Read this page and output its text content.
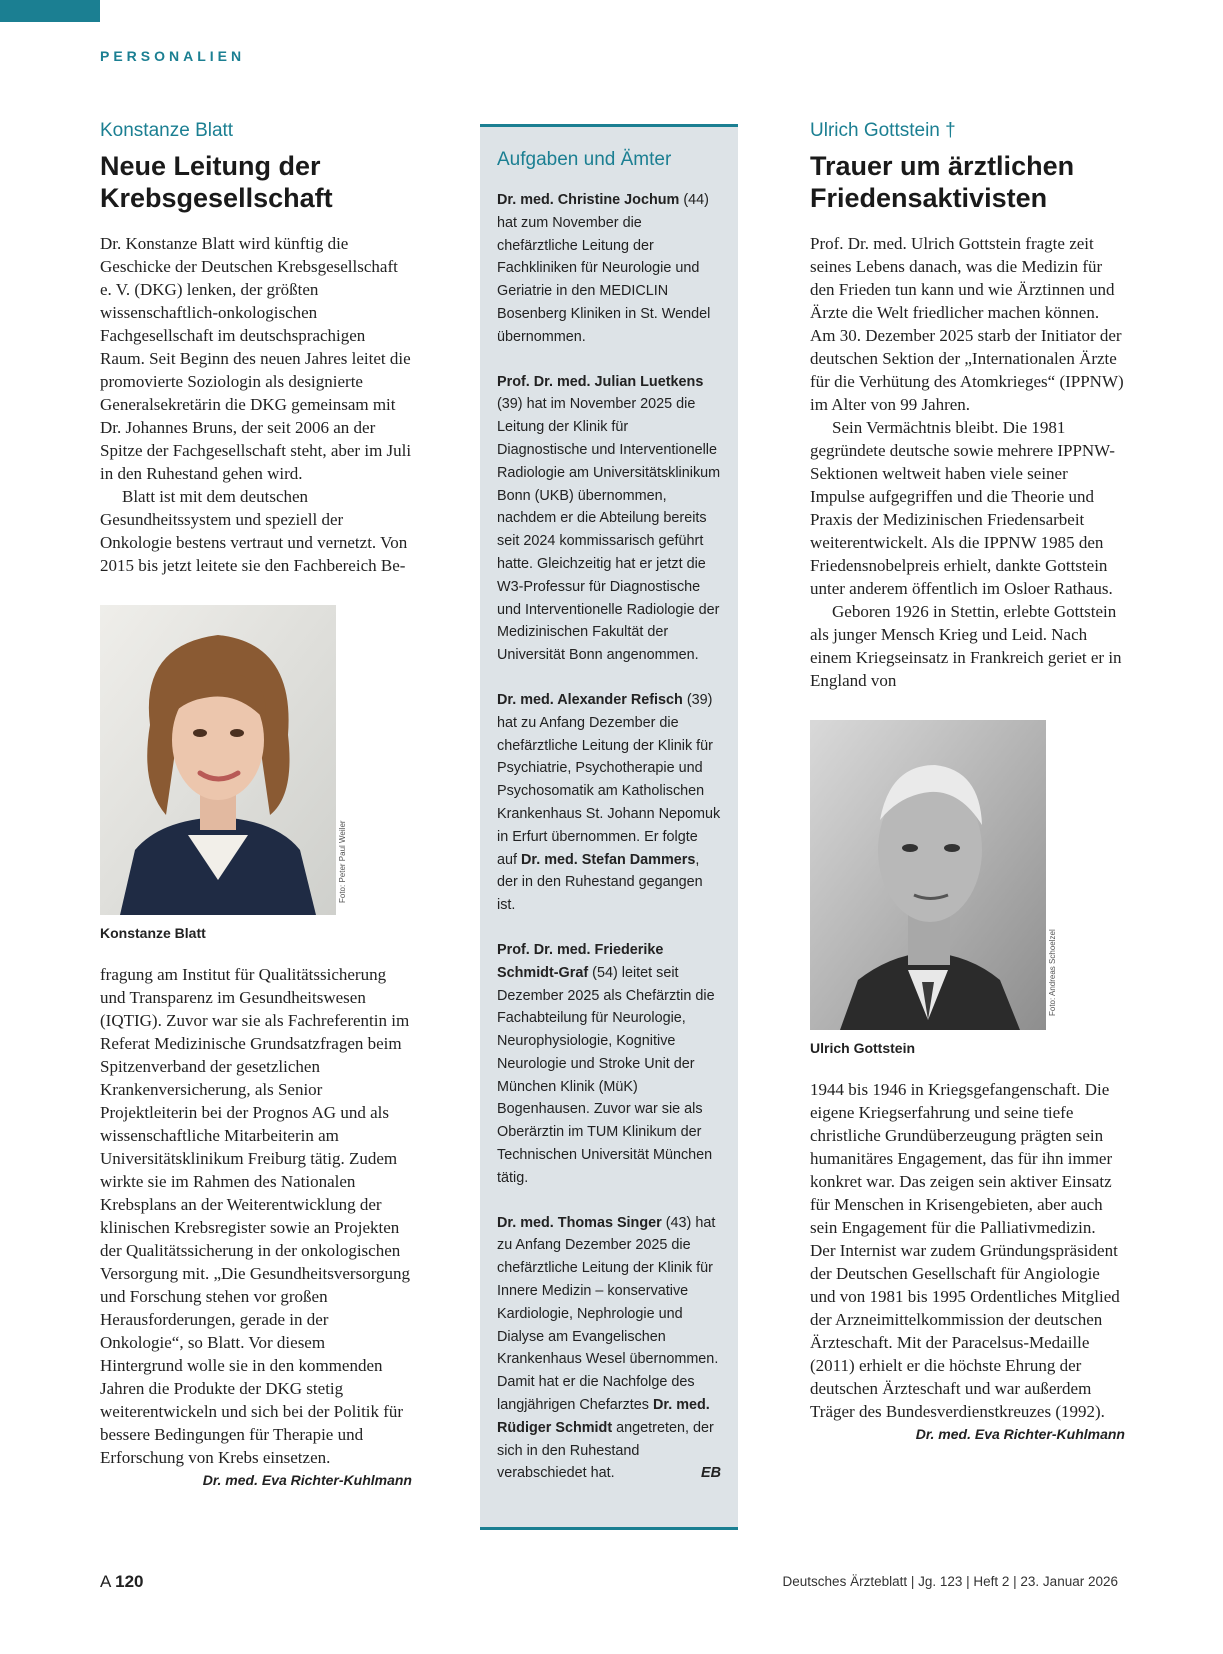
PERSONALIEN
Konstanze Blatt
Neue Leitung der
Krebsgesellschaft

Dr. Konstanze Blatt wird künftig die Geschicke der Deutschen Krebsgesellschaft e. V. (DKG) lenken, der größten wissenschaftlich-onkologischen Fachgesellschaft im deutschsprachigen Raum. Seit Beginn des neuen Jahres leitet die promovierte Soziologin als designierte Generalsekretärin die DKG gemeinsam mit Dr. Johannes Bruns, der seit 2006 an der Spitze der Fachgesellschaft steht, aber im Juli in den Ruhestand gehen wird.

Blatt ist mit dem deutschen Gesundheitssystem und speziell der Onkologie bestens vertraut und vernetzt. Von 2015 bis jetzt leitete sie den Fachbereich Be-

Foto: Peter Paul Weiler
Konstanze Blatt

fragung am Institut für Qualitätssicherung und Transparenz im Gesundheitswesen (IQTIG). Zuvor war sie als Fachreferentin im Referat Medizinische Grundsatzfragen beim Spitzenverband der gesetzlichen Krankenversicherung, als Senior Projektleiterin bei der Prognos AG und als wissenschaftliche Mitarbeiterin am Universitätsklinikum Freiburg tätig. Zudem wirkte sie im Rahmen des Nationalen Krebsplans an der Weiterentwicklung der klinischen Krebsregister sowie an Projekten der Qualitätssicherung in der onkologischen Versorgung mit. „Die Gesundheitsversorgung und Forschung stehen vor großen Herausforderungen, gerade in der Onkologie“, so Blatt. Vor diesem Hintergrund wolle sie in den kommenden Jahren die Produkte der DKG stetig weiterentwickeln und sich bei der Politik für bessere Bedingungen für Therapie und Erforschung von Krebs einsetzen.
Dr. med. Eva Richter-Kuhlmann

Aufgaben und Ämter

Dr. med. Christine Jochum (44) hat zum November die chefärztliche Leitung der Fachkliniken für Neurologie und Geriatrie in den MEDICLIN Bosenberg Kliniken in St. Wendel übernommen.

Prof. Dr. med. Julian Luetkens (39) hat im November 2025 die Leitung der Klinik für Diagnostische und Interventionelle Radiologie am Universitätsklinikum Bonn (UKB) übernommen, nachdem er die Abteilung bereits seit 2024 kommissarisch geführt hatte. Gleichzeitig hat er jetzt die W3-Professur für Diagnostische und Interventionelle Radiologie der Medizinischen Fakultät der Universität Bonn angenommen.

Dr. med. Alexander Refisch (39) hat zu Anfang Dezember die chefärztliche Leitung der Klinik für Psychiatrie, Psychotherapie und Psychosomatik am Katholischen Krankenhaus St. Johann Nepomuk in Erfurt übernommen. Er folgte auf Dr. med. Stefan Dammers, der in den Ruhestand gegangen ist.

Prof. Dr. med. Friederike Schmidt-Graf (54) leitet seit Dezember 2025 als Chefärztin die Fachabteilung für Neurologie, Neurophysiologie, Kognitive Neurologie und Stroke Unit der München Klinik (MüK) Bogenhausen. Zuvor war sie als Oberärztin im TUM Klinikum der Technischen Universität München tätig.

Dr. med. Thomas Singer (43) hat zu Anfang Dezember 2025 die chefärztliche Leitung der Klinik für Innere Medizin – konservative Kardiologie, Nephrologie und Dialyse am Evangelischen Krankenhaus Wesel übernommen. Damit hat er die Nachfolge des langjährigen Chefarztes Dr. med. Rüdiger Schmidt angetreten, der sich in den Ruhestand verabschiedet hat.	EB

Ulrich Gottstein †
Trauer um ärztlichen
Friedensaktivisten

Prof. Dr. med. Ulrich Gottstein fragte zeit seines Lebens danach, was die Medizin für den Frieden tun kann und wie Ärztinnen und Ärzte die Welt friedlicher machen können. Am 30. Dezember 2025 starb der Initiator der deutschen Sektion der „Internationalen Ärzte für die Verhütung des Atomkrieges“ (IPPNW) im Alter von 99 Jahren.

Sein Vermächtnis bleibt. Die 1981 gegründete deutsche sowie mehrere IPPNW-Sektionen weltweit haben viele seiner Impulse aufgegriffen und die Theorie und Praxis der Medizinischen Friedensarbeit weiterentwickelt. Als die IPPNW 1985 den Friedensnobelpreis erhielt, dankte Gottstein unter anderem öffentlich im Osloer Rathaus.

Geboren 1926 in Stettin, erlebte Gottstein als junger Mensch Krieg und Leid. Nach einem Kriegseinsatz in Frankreich geriet er in England von

Foto: Andreas Schoelzel
Ulrich Gottstein

1944 bis 1946 in Kriegsgefangenschaft. Die eigene Kriegserfahrung und seine tiefe christliche Grundüberzeugung prägten sein humanitäres Engagement, das für ihn immer konkret war. Das zeigen sein aktiver Einsatz für Menschen in Krisengebieten, aber auch sein Engagement für die Palliativmedizin. Der Internist war zudem Gründungspräsident der Deutschen Gesellschaft für Angiologie und von 1981 bis 1995 Ordentliches Mitglied der Arzneimittelkommission der deutschen Ärzteschaft. Mit der Paracelsus-Medaille (2011) erhielt er die höchste Ehrung der deutschen Ärzteschaft und war außerdem Träger des Bundesverdienstkreuzes (1992).
Dr. med. Eva Richter-Kuhlmann

A 120	Deutsches Ärzteblatt | Jg. 123 | Heft 2 | 23. Januar 2026
